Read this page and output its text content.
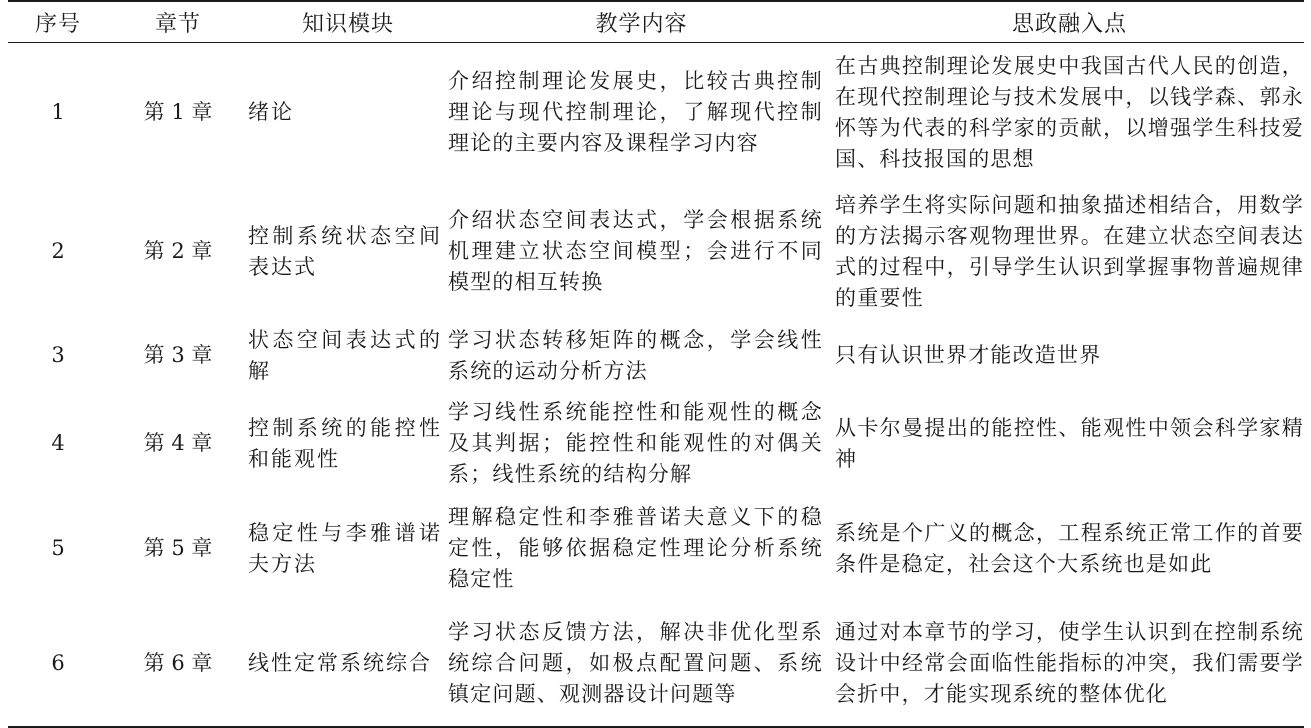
序号	章节	知识模块	教学内容	思政融入点
1	第 1 章	绪论	介绍控制理论发展史，比较古典控制理论与现代控制理论，了解现代控制理论的主要内容及课程学习内容	在古典控制理论发展史中我国古代人民的创造，在现代控制理论与技术发展中，以钱学森、郭永怀等为代表的科学家的贡献，以增强学生科技爱国、科技报国的思想
2	第 2 章	控制系统状态空间表达式	介绍状态空间表达式，学会根据系统机理建立状态空间模型；会进行不同模型的相互转换	培养学生将实际问题和抽象描述相结合，用数学的方法揭示客观物理世界。在建立状态空间表达式的过程中，引导学生认识到掌握事物普遍规律的重要性
3	第 3 章	状态空间表达式的解	学习状态转移矩阵的概念，学会线性系统的运动分析方法	只有认识世界才能改造世界
4	第 4 章	控制系统的能控性和能观性	学习线性系统能控性和能观性的概念及其判据；能控性和能观性的对偶关系；线性系统的结构分解	从卡尔曼提出的能控性、能观性中领会科学家精神
5	第 5 章	稳定性与李雅谱诺夫方法	理解稳定性和李雅普诺夫意义下的稳定性，能够依据稳定性理论分析系统稳定性	系统是个广义的概念，工程系统正常工作的首要条件是稳定，社会这个大系统也是如此
6	第 6 章	线性定常系统综合	学习状态反馈方法，解决非优化型系统综合问题，如极点配置问题、系统镇定问题、观测器设计问题等	通过对本章节的学习，使学生认识到在控制系统设计中经常会面临性能指标的冲突，我们需要学会折中，才能实现系统的整体优化
